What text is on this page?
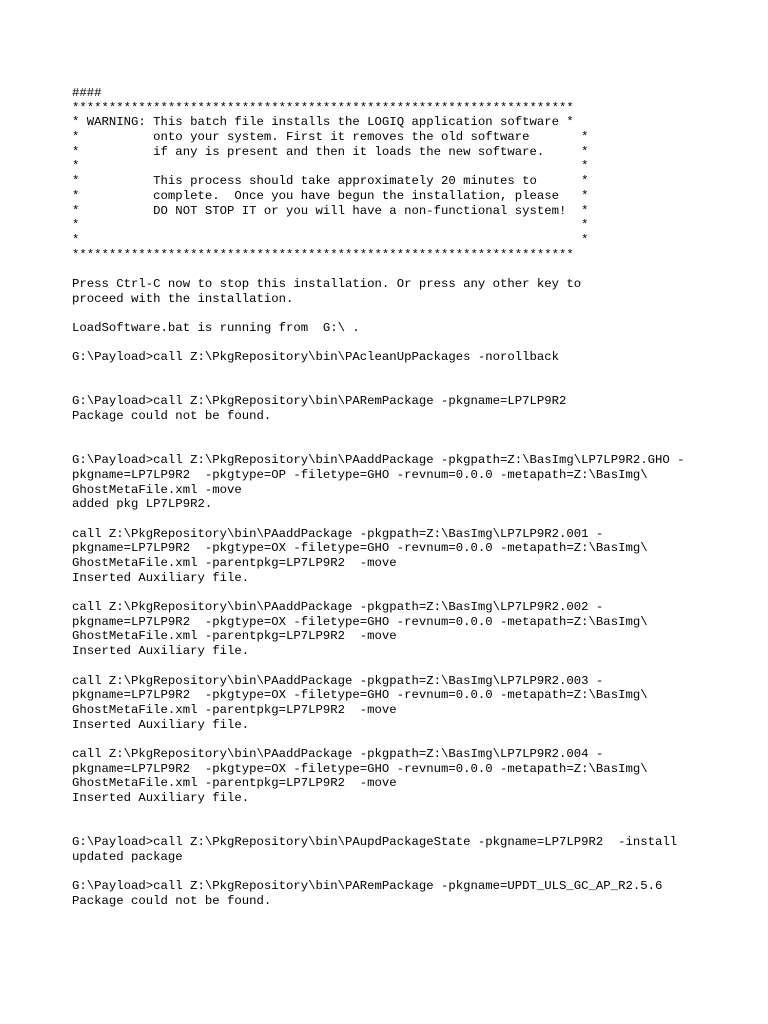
####
********************************************************************
* WARNING: This batch file installs the LOGIQ application software *
*          onto your system. First it removes the old software       *
*          if any is present and then it loads the new software.     *
*                                                                    *
*          This process should take approximately 20 minutes to      *
*          complete.  Once you have begun the installation, please   *
*          DO NOT STOP IT or you will have a non-functional system!  *
*                                                                    *
*                                                                    *
********************************************************************
Press Ctrl-C now to stop this installation. Or press any other key to
proceed with the installation.
LoadSoftware.bat is running from  G:\ .
G:\Payload>call Z:\PkgRepository\bin\PAcleanUpPackages -norollback
G:\Payload>call Z:\PkgRepository\bin\PARemPackage -pkgname=LP7LP9R2
Package could not be found.
G:\Payload>call Z:\PkgRepository\bin\PAaddPackage -pkgpath=Z:\BasImg\LP7LP9R2.GHO -
pkgname=LP7LP9R2  -pkgtype=OP -filetype=GHO -revnum=0.0.0 -metapath=Z:\BasImg\
GhostMetaFile.xml -move
added pkg LP7LP9R2.
call Z:\PkgRepository\bin\PAaddPackage -pkgpath=Z:\BasImg\LP7LP9R2.001 -
pkgname=LP7LP9R2  -pkgtype=OX -filetype=GHO -revnum=0.0.0 -metapath=Z:\BasImg\
GhostMetaFile.xml -parentpkg=LP7LP9R2  -move
Inserted Auxiliary file.
call Z:\PkgRepository\bin\PAaddPackage -pkgpath=Z:\BasImg\LP7LP9R2.002 -
pkgname=LP7LP9R2  -pkgtype=OX -filetype=GHO -revnum=0.0.0 -metapath=Z:\BasImg\
GhostMetaFile.xml -parentpkg=LP7LP9R2  -move
Inserted Auxiliary file.
call Z:\PkgRepository\bin\PAaddPackage -pkgpath=Z:\BasImg\LP7LP9R2.003 -
pkgname=LP7LP9R2  -pkgtype=OX -filetype=GHO -revnum=0.0.0 -metapath=Z:\BasImg\
GhostMetaFile.xml -parentpkg=LP7LP9R2  -move
Inserted Auxiliary file.
call Z:\PkgRepository\bin\PAaddPackage -pkgpath=Z:\BasImg\LP7LP9R2.004 -
pkgname=LP7LP9R2  -pkgtype=OX -filetype=GHO -revnum=0.0.0 -metapath=Z:\BasImg\
GhostMetaFile.xml -parentpkg=LP7LP9R2  -move
Inserted Auxiliary file.
G:\Payload>call Z:\PkgRepository\bin\PAupdPackageState -pkgname=LP7LP9R2  -install
updated package
G:\Payload>call Z:\PkgRepository\bin\PARemPackage -pkgname=UPDT_ULS_GC_AP_R2.5.6
Package could not be found.
